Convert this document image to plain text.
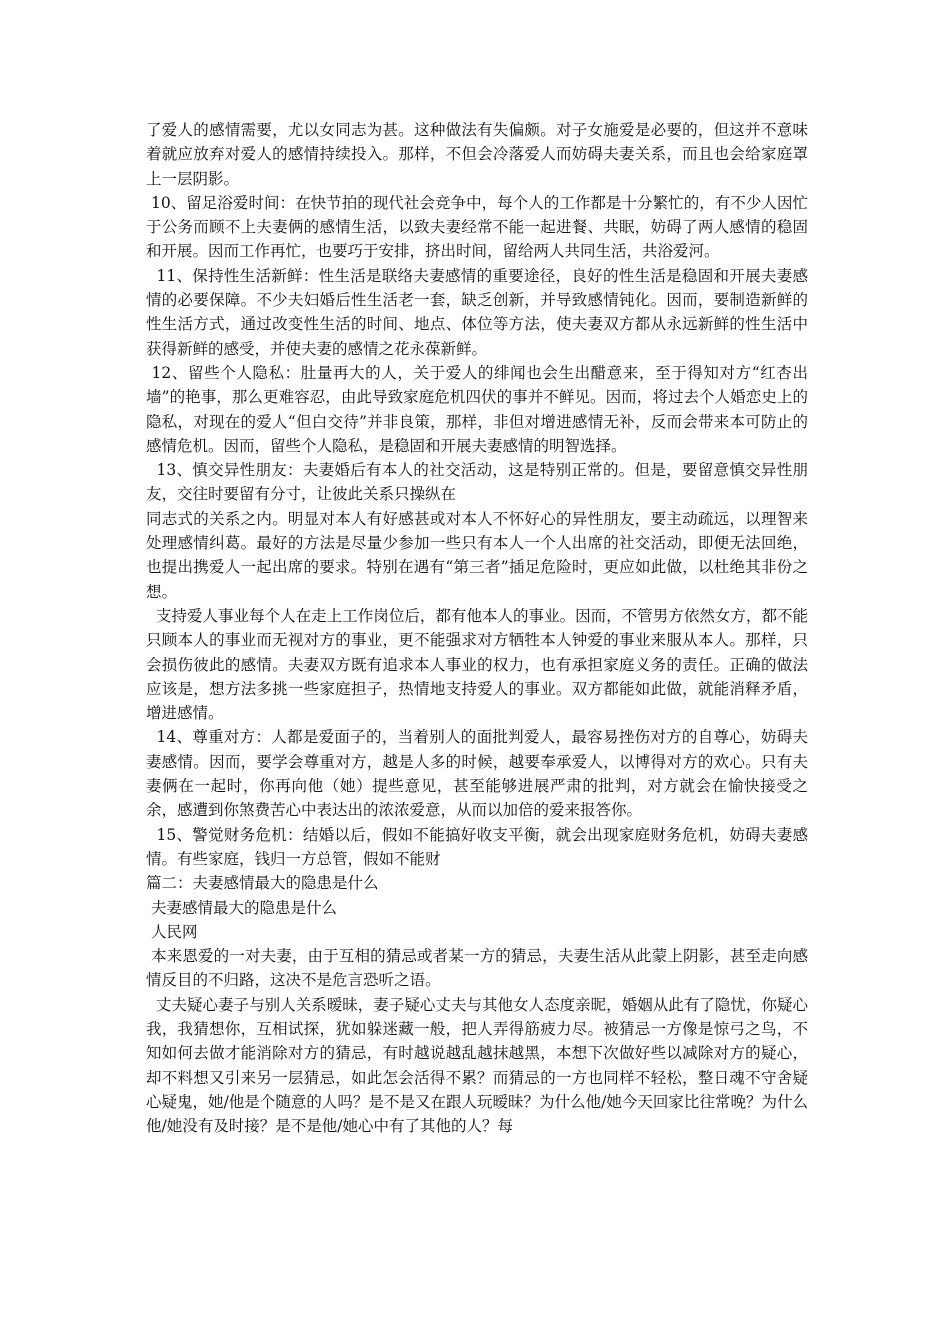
了爱人的感情需要，尤以女同志为甚。这种做法有失偏颇。对子女施爱是必要的，但这并不意味着就应放弃对爱人的感情持续投入。那样，不但会冷落爱人而妨碍夫妻关系，而且也会给家庭罩上一层阴影。

10、留足浴爱时间：在快节拍的现代社会竞争中，每个人的工作都是十分繁忙的，有不少人因忙于公务而顾不上夫妻俩的感情生活，以致夫妻经常不能一起进餐、共眠，妨碍了两人感情的稳固和开展。因而工作再忙，也要巧于安排，挤出时间，留给两人共同生活，共浴爱河。

11、保持性生活新鲜：性生活是联络夫妻感情的重要途径，良好的性生活是稳固和开展夫妻感情的必要保障。不少夫妇婚后性生活老一套，缺乏创新，并导致感情钝化。因而，要制造新鲜的性生活方式，通过改变性生活的时间、地点、体位等方法，使夫妻双方都从永远新鲜的性生活中获得新鲜的感受，并使夫妻的感情之花永葆新鲜。

12、留些个人隐私：肚量再大的人，关于爱人的绯闻也会生出醋意来，至于得知对方“红杏出墙”的艳事，那么更难容忍，由此导致家庭危机四伏的事并不鲜见。因而，将过去个人婚恋史上的隐私，对现在的爱人“但白交待”并非良策，那样，非但对增进感情无补，反而会带来本可防止的感情危机。因而，留些个人隐私，是稳固和开展夫妻感情的明智选择。

13、慎交异性朋友：夫妻婚后有本人的社交活动，这是特别正常的。但是，要留意慎交异性朋友，交往时要留有分寸，让彼此关系只操纵在

同志式的关系之内。明显对本人有好感甚或对本人不怀好心的异性朋友，要主动疏远，以理智来处理感情纠葛。最好的方法是尽量少参加一些只有本人一个人出席的社交活动，即便无法回绝，也提出携爱人一起出席的要求。特别在遇有“第三者”插足危险时，更应如此做，以杜绝其非份之想。

支持爱人事业每个人在走上工作岗位后，都有他本人的事业。因而，不管男方依然女方，都不能只顾本人的事业而无视对方的事业，更不能强求对方牺牲本人钟爱的事业来服从本人。那样，只会损伤彼此的感情。夫妻双方既有追求本人事业的权力，也有承担家庭义务的责任。正确的做法应该是，想方法多挑一些家庭担子，热情地支持爱人的事业。双方都能如此做，就能消释矛盾，增进感情。

14、尊重对方：人都是爱面子的，当着别人的面批判爱人，最容易挫伤对方的自尊心，妨碍夫妻感情。因而，要学会尊重对方，越是人多的时候，越要奉承爱人，以博得对方的欢心。只有夫妻俩在一起时，你再向他（她）提些意见，甚至能够进展严肃的批判，对方就会在愉快接受之余，感遭到你煞费苦心中表达出的浓浓爱意，从而以加倍的爱来报答你。

15、警觉财务危机：结婚以后，假如不能搞好收支平衡，就会出现家庭财务危机，妨碍夫妻感情。有些家庭，钱归一方总管，假如不能财

篇二：夫妻感情最大的隐患是什么

夫妻感情最大的隐患是什么

人民网

本来恩爱的一对夫妻，由于互相的猜忌或者某一方的猜忌，夫妻生活从此蒙上阴影，甚至走向感情反目的不归路，这决不是危言恐听之语。

丈夫疑心妻子与别人关系暧昧，妻子疑心丈夫与其他女人态度亲昵，婚姻从此有了隐忧，你疑心我，我猜想你，互相试探，犹如躲迷藏一般，把人弄得筋疲力尽。被猜忌一方像是惊弓之鸟，不知如何去做才能消除对方的猜忌，有时越说越乱越抹越黑，本想下次做好些以减除对方的疑心，却不料想又引来另一层猜忌，如此怎会活得不累？而猜忌的一方也同样不轻松，整日魂不守舍疑心疑鬼，她/他是个随意的人吗？是不是又在跟人玩暧昧？为什么他/她今天回家比往常晚？为什么他/她没有及时接？是不是他/她心中有了其他的人？每
